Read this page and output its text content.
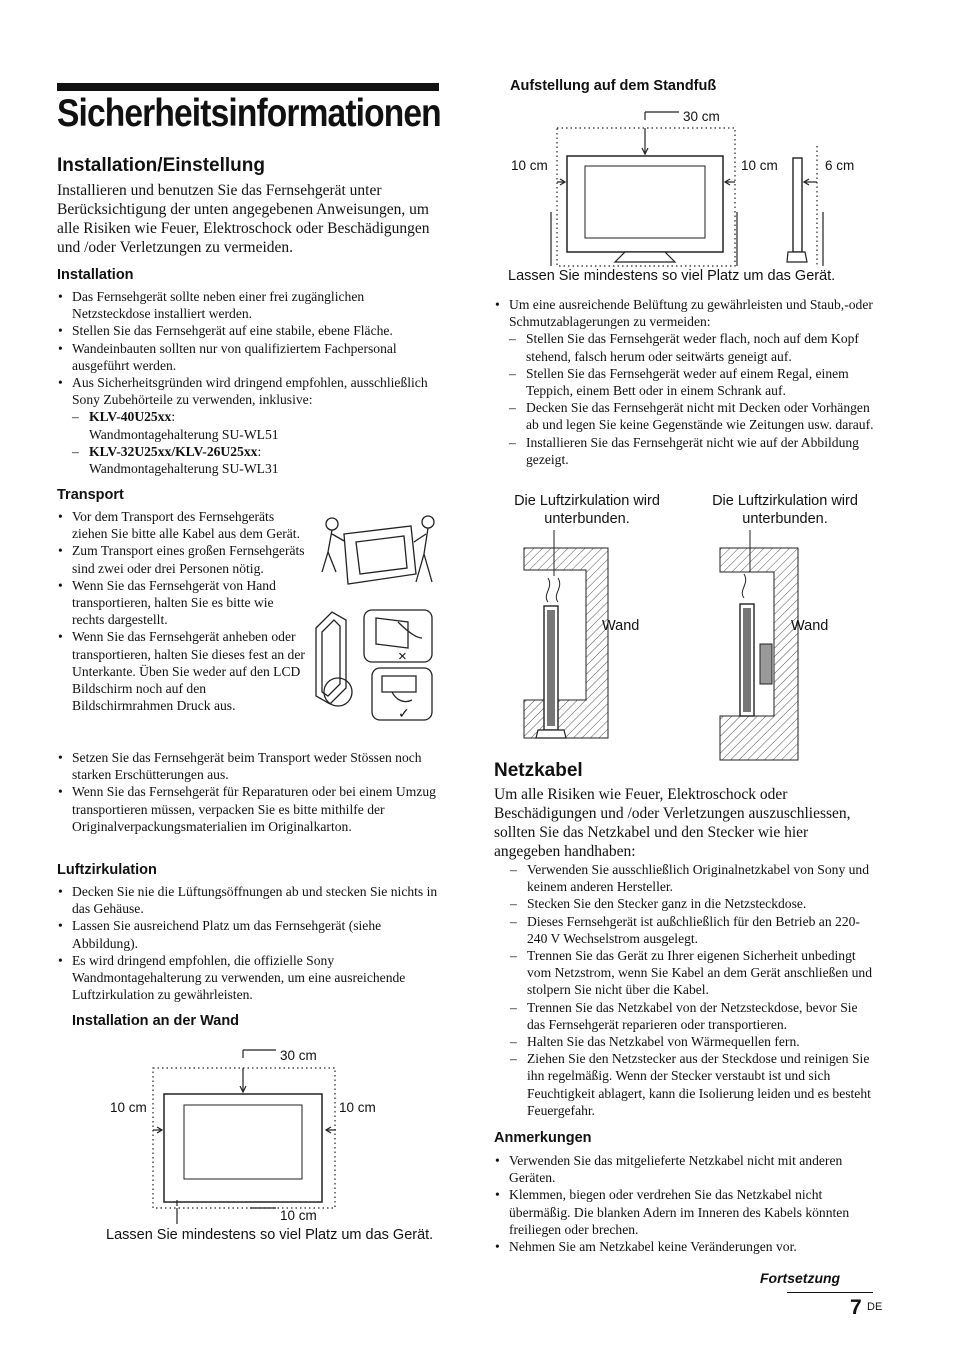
Sicherheitsinformationen
Installation/Einstellung
Installieren und benutzen Sie das Fernsehgerät unter Berücksichtigung der unten angegebenen Anweisungen, um alle Risiken wie Feuer, Elektroschock oder Beschädigungen und /oder Verletzungen zu vermeiden.
Installation
• Das Fernsehgerät sollte neben einer frei zugänglichen Netzsteckdose installiert werden.
• Stellen Sie das Fernsehgerät auf eine stabile, ebene Fläche.
• Wandeinbauten sollten nur von qualifiziertem Fachpersonal ausgeführt werden.
• Aus Sicherheitsgründen wird dringend empfohlen, ausschließlich Sony Zubehörteile zu verwenden, inklusive:
– KLV-40U25xx:
Wandmontagehalterung SU-WL51
– KLV-32U25xx/KLV-26U25xx:
Wandmontagehalterung SU-WL31
Transport
• Vor dem Transport des Fernsehgeräts ziehen Sie bitte alle Kabel aus dem Gerät.
• Zum Transport eines großen Fernsehgeräts sind zwei oder drei Personen nötig.
• Wenn Sie das Fernsehgerät von Hand transportieren, halten Sie es bitte wie rechts dargestellt.
• Wenn Sie das Fernsehgerät anheben oder transportieren, halten Sie dieses fest an der Unterkante. Üben Sie weder auf den LCD Bildschirm noch auf den Bildschirmrahmen Druck aus.
• Setzen Sie das Fernsehgerät beim Transport weder Stössen noch starken Erschütterungen aus.
• Wenn Sie das Fernsehgerät für Reparaturen oder bei einem Umzug transportieren müssen, verpacken Sie es bitte mithilfe der Originalverpackungsmaterialien im Originalkarton.
×
✓
Luftzirkulation
• Decken Sie nie die Lüftungsöffnungen ab und stecken Sie nichts in das Gehäuse.
• Lassen Sie ausreichend Platz um das Fernsehgerät (siehe Abbildung).
• Es wird dringend empfohlen, die offizielle Sony Wandmontagehalterung zu verwenden, um eine ausreichende Luftzirkulation zu gewährleisten.
Installation an der Wand
30 cm
10 cm	10 cm
10 cm
Lassen Sie mindestens so viel Platz um das Gerät.
Aufstellung auf dem Standfuß
30 cm
10 cm	10 cm	6 cm
Lassen Sie mindestens so viel Platz um das Gerät.
• Um eine ausreichende Belüftung zu gewährleisten und Staub,-oder Schmutzablagerungen zu vermeiden:
– Stellen Sie das Fernsehgerät weder flach, noch auf dem Kopf stehend, falsch herum oder seitwärts geneigt auf.
– Stellen Sie das Fernsehgerät weder auf einem Regal, einem Teppich, einem Bett oder in einem Schrank auf.
– Decken Sie das Fernsehgerät nicht mit Decken oder Vorhängen ab und legen Sie keine Gegenstände wie Zeitungen usw. darauf.
– Installieren Sie das Fernsehgerät nicht wie auf der Abbildung gezeigt.
Die Luftzirkulation wird unterbunden.
Die Luftzirkulation wird unterbunden.
Wand	Wand
Netzkabel
Um alle Risiken wie Feuer, Elektroschock oder Beschädigungen und /oder Verletzungen auszuschliessen, sollten Sie das Netzkabel und den Stecker wie hier angegeben handhaben:
– Verwenden Sie ausschließlich Originalnetzkabel von Sony und keinem anderen Hersteller.
– Stecken Sie den Stecker ganz in die Netzsteckdose.
– Dieses Fernsehgerät ist außchließlich für den Betrieb an 220-240 V Wechselstrom ausgelegt.
– Trennen Sie das Gerät zu Ihrer eigenen Sicherheit unbedingt vom Netzstrom, wenn Sie Kabel an dem Gerät anschließen und stolpern Sie nicht über die Kabel.
– Trennen Sie das Netzkabel von der Netzsteckdose, bevor Sie das Fernsehgerät reparieren oder transportieren.
– Halten Sie das Netzkabel von Wärmequellen fern.
– Ziehen Sie den Netzstecker aus der Steckdose und reinigen Sie ihn regelmäßig. Wenn der Stecker verstaubt ist und sich Feuchtigkeit ablagert, kann die Isolierung leiden und es besteht Feuergefahr.
Anmerkungen
• Verwenden Sie das mitgelieferte Netzkabel nicht mit anderen Geräten.
• Klemmen, biegen oder verdrehen Sie das Netzkabel nicht übermäßig. Die blanken Adern im Inneren des Kabels könnten freiliegen oder brechen.
• Nehmen Sie am Netzkabel keine Veränderungen vor.
Fortsetzung
7 DE
